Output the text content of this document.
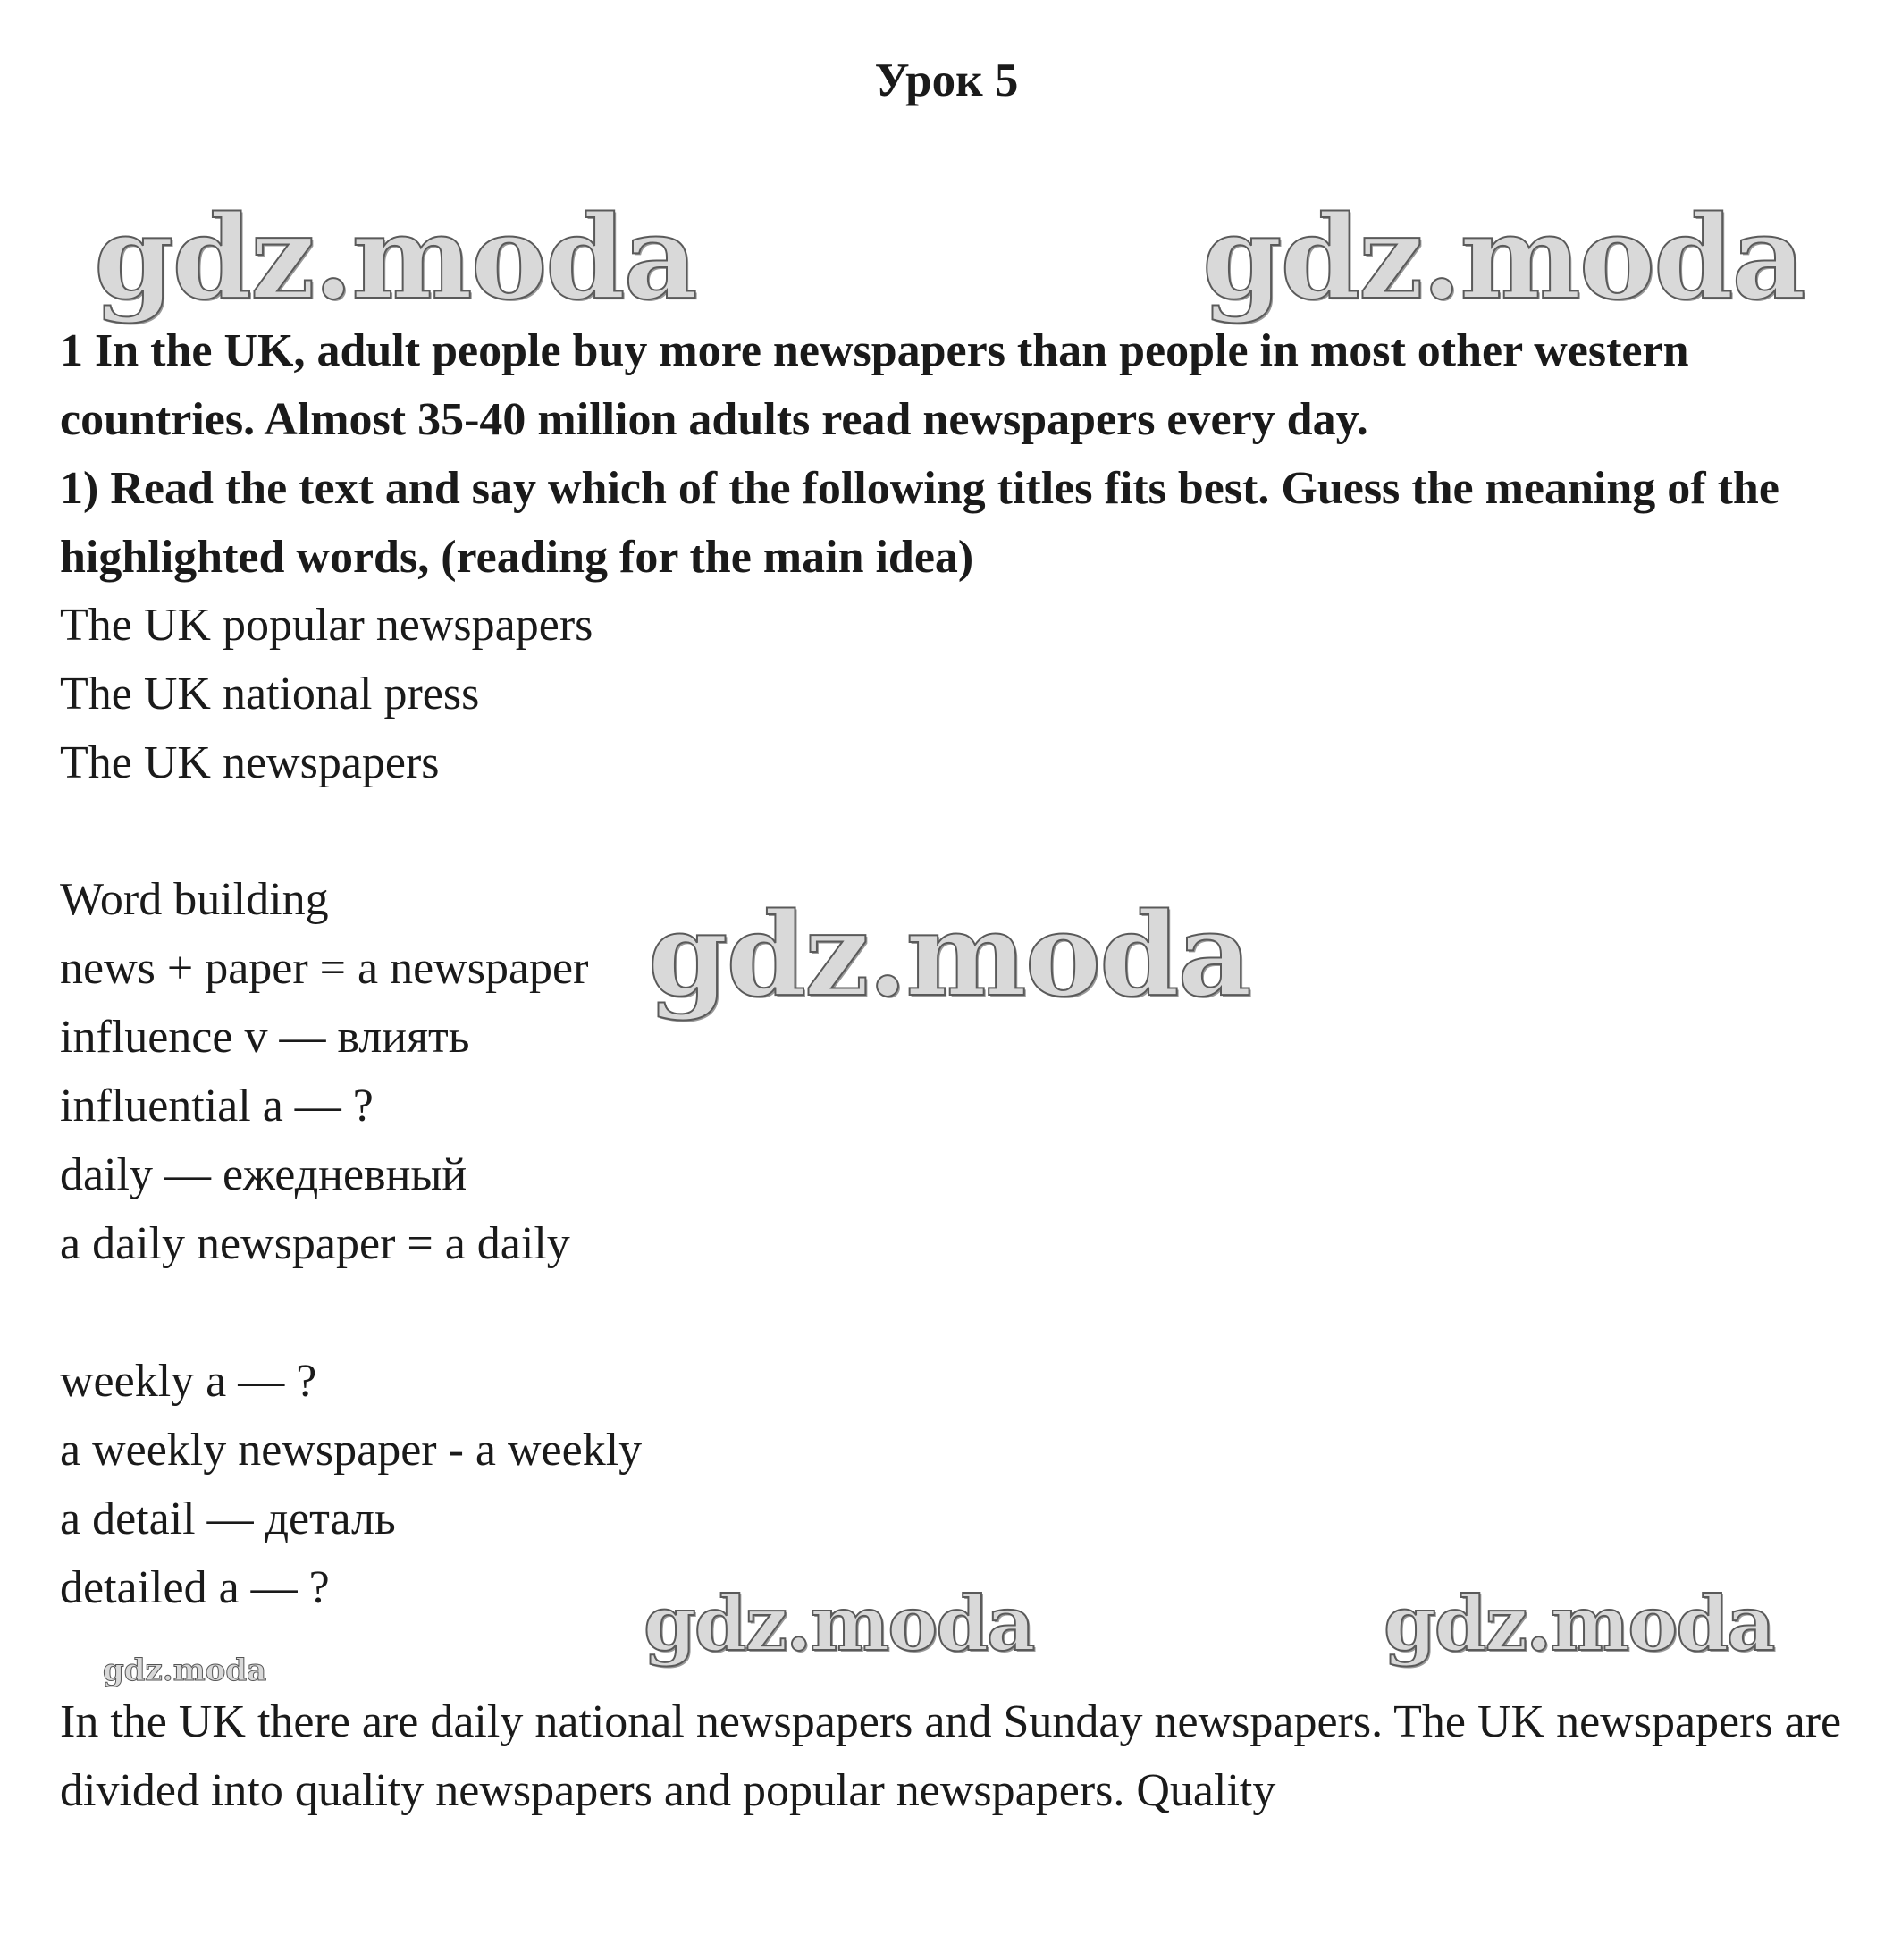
Урок 5
gdz.moda	gdz.moda
gdz.moda
gdz.moda	gdz.moda
gdz.moda

1 In the UK, adult people buy more newspapers than people in most other western countries. Almost 35-40 million adults read newspapers every day.

1) Read the text and say which of the following titles fits best. Guess the meaning of the highlighted words, (reading for the main idea)

The UK popular newspapers

The UK national press

The UK newspapers

Word building

news + paper = a newspaper

influence v — влиять

influential a — ?

daily — ежедневный

a daily newspaper = a daily

weekly a — ?

a weekly newspaper - a weekly

a detail — деталь

detailed a — ?

In the UK there are daily national newspapers and Sunday newspapers. The UK newspapers are divided into quality newspapers and popular newspapers. Quality
